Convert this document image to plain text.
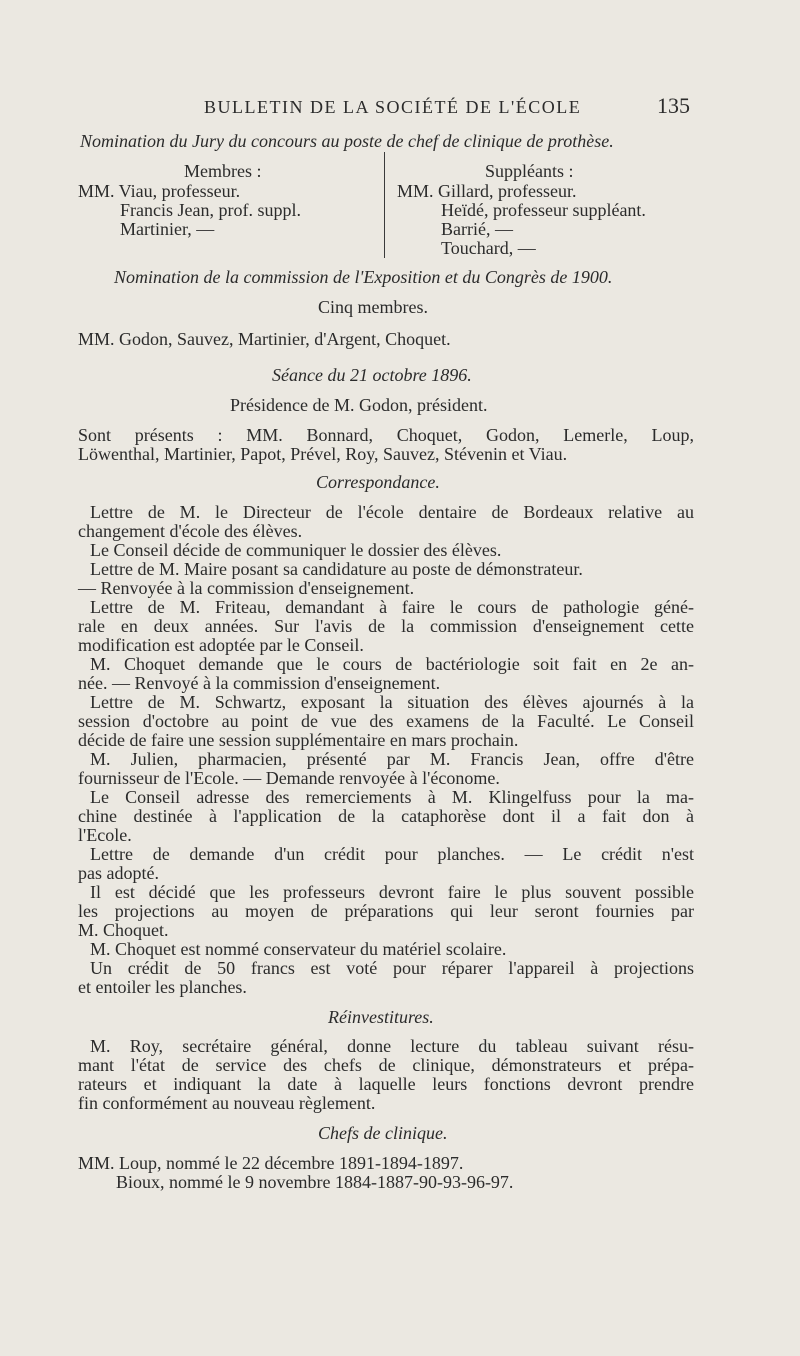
BULLETIN DE LA SOCIÉTÉ DE L'ÉCOLE	135
Nomination du Jury du concours au poste de chef de clinique de prothèse.
Membres :	Suppléants :
MM. Viau, professeur.
Francis Jean, prof. suppl.
Martinier, —
MM. Gillard, professeur.
Heïdé, professeur suppléant.
Barrié, —
Touchard, —
Nomination de la commission de l'Exposition et du Congrès de 1900.
Cinq membres.
MM. Godon, Sauvez, Martinier, d'Argent, Choquet.
Séance du 21 octobre 1896.
Présidence de M. Godon, président.
Sont présents : MM. Bonnard, Choquet, Godon, Lemerle, Loup,
Löwenthal, Martinier, Papot, Prével, Roy, Sauvez, Stévenin et Viau.
Correspondance.
Lettre de M. le Directeur de l'école dentaire de Bordeaux relative au
changement d'école des élèves.
Le Conseil décide de communiquer le dossier des élèves.
Lettre de M. Maire posant sa candidature au poste de démonstrateur.
— Renvoyée à la commission d'enseignement.
Lettre de M. Friteau, demandant à faire le cours de pathologie géné-
rale en deux années. Sur l'avis de la commission d'enseignement cette
modification est adoptée par le Conseil.
M. Choquet demande que le cours de bactériologie soit fait en 2e an-
née. — Renvoyé à la commission d'enseignement.
Lettre de M. Schwartz, exposant la situation des élèves ajournés à la
session d'octobre au point de vue des examens de la Faculté. Le Conseil
décide de faire une session supplémentaire en mars prochain.
M. Julien, pharmacien, présenté par M. Francis Jean, offre d'être
fournisseur de l'Ecole. — Demande renvoyée à l'économe.
Le Conseil adresse des remerciements à M. Klingelfuss pour la ma-
chine destinée à l'application de la cataphorèse dont il a fait don à
l'Ecole.
Lettre de demande d'un crédit pour planches. — Le crédit n'est
pas adopté.
Il est décidé que les professeurs devront faire le plus souvent possible
les projections au moyen de préparations qui leur seront fournies par
M. Choquet.
M. Choquet est nommé conservateur du matériel scolaire.
Un crédit de 50 francs est voté pour réparer l'appareil à projections
et entoiler les planches.
Réinvestitures.
M. Roy, secrétaire général, donne lecture du tableau suivant résu-
mant l'état de service des chefs de clinique, démonstrateurs et prépa-
rateurs et indiquant la date à laquelle leurs fonctions devront prendre
fin conformément au nouveau règlement.
Chefs de clinique.
MM. Loup, nommé le 22 décembre 1891-1894-1897.
Bioux, nommé le 9 novembre 1884-1887-90-93-96-97.
